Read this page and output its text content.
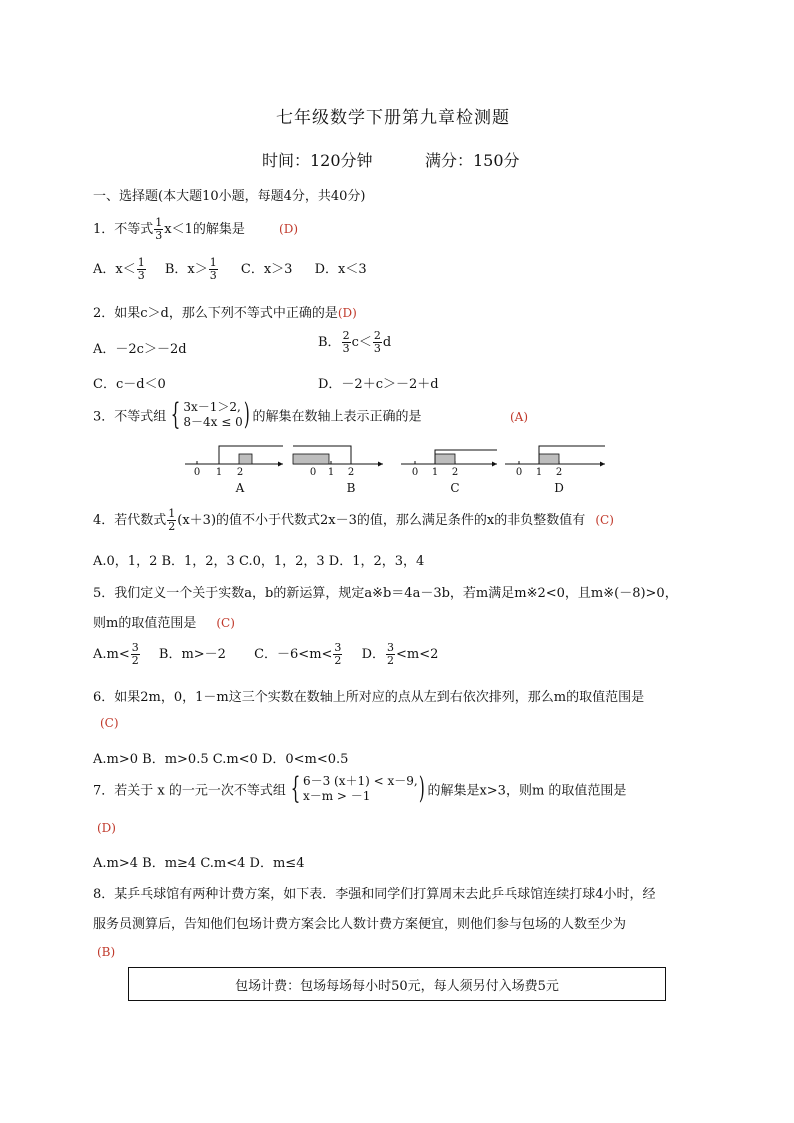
七年级数学下册第九章检测题
时间：120分钟	满分：150分
一、选择题(本大题10小题，每题4分，共40分)
1．不等式 $\frac{1}{3} x<1$的解集是	(D)
A．$x< \frac{1}{3}$ B．$x> \frac{1}{3}$ C．x＞3 D．x＜3
2．如果c＞d，那么下列不等式中正确的是(D)
A．－2c＞－2d	B． $\frac{2}{3} c< \frac{2}{3}$ d
C．c－d＜0	D．－2＋c＞－2＋d
3．不等式组 { 3x－1＞2,
8－4x ≤ 0 ) 的解集在数轴上表示正确的是	(A)
0 1 2
A
0 1 2
B
0 1 2
C
0 1 2
D
4．若代数式 $\frac{1}{2} (x+3)$的值不小于代数式2x－3的值，那么满足条件的x的非负整数值有 (C)
A.0，1，2 B．1，2，3 C.0，1，2，3 D．1，2，3，4
5．我们定义一个关于实数a，b的新运算，规定a※b＝4a－3b，若m满足m※2<0，且m※(－8)>0，
则m的取值范围是 (C)
$A.m< \frac{3}{2}$ B．m>－2 C．$-6<m< \frac{3}{2}$ D． $\frac{3}{2} <m<2$
6．如果2m，0，1－m这三个实数在数轴上所对应的点从左到右依次排列，那么m的取值范围是
(C)
A.m>0 B．m>0.5 C.m<0 D．0<m<0.5
7．若关于 x 的一元一次不等式组 { 6－3 (x＋1) < x－9,
x－m > －1	) 的解集是x>3，则m 的取值范围是
(D)
A.m>4 B．m≥4 C.m<4 D．m≤4
8．某乒乓球馆有两种计费方案，如下表．李强和同学们打算周末去此乒乓球馆连续打球4小时，经
服务员测算后，告知他们包场计费方案会比人数计费方案便宜，则他们参与包场的人数至少为
(B)
包场计费：包场每场每小时50元，每人须另付入场费5元
